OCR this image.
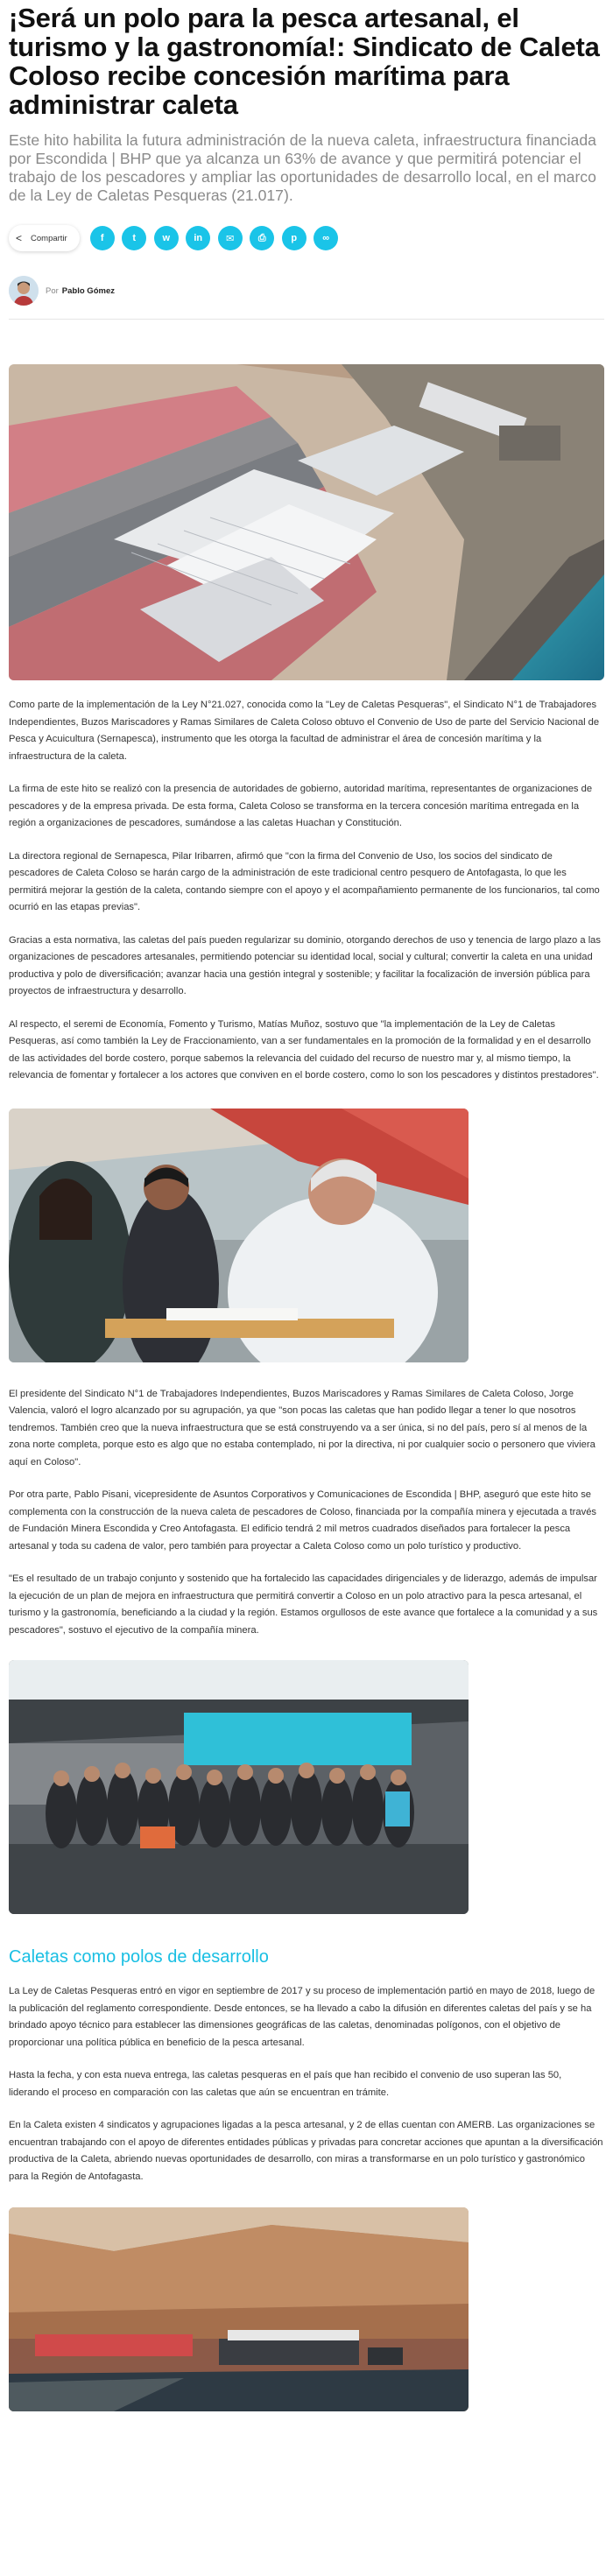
¡Será un polo para la pesca artesanal, el turismo y la gastronomía!: Sindicato de Caleta Coloso recibe concesión marítima para administrar caleta
Este hito habilita la futura administración de la nueva caleta, infraestructura financiada por Escondida | BHP que ya alcanza un 63% de avance y que permitirá potenciar el trabajo de los pescadores y ampliar las oportunidades de desarrollo local, en el marco de la Ley de Caletas Pesqueras (21.017).
< Compartir	f	t	w	in	✉	⎙	p	∞
Por Pablo Gómez

Como parte de la implementación de la Ley N°21.027, conocida como la "Ley de Caletas Pesqueras", el Sindicato N°1 de Trabajadores Independientes, Buzos Mariscadores y Ramas Similares de Caleta Coloso obtuvo el Convenio de Uso de parte del Servicio Nacional de Pesca y Acuicultura (Sernapesca), instrumento que les otorga la facultad de administrar el área de concesión marítima y la infraestructura de la caleta.

La firma de este hito se realizó con la presencia de autoridades de gobierno, autoridad marítima, representantes de organizaciones de pescadores y de la empresa privada. De esta forma, Caleta Coloso se transforma en la tercera concesión marítima entregada en la región a organizaciones de pescadores, sumándose a las caletas Huachan y Constitución.

La directora regional de Sernapesca, Pilar Iribarren, afirmó que "con la firma del Convenio de Uso, los socios del sindicato de pescadores de Caleta Coloso se harán cargo de la administración de este tradicional centro pesquero de Antofagasta, lo que les permitirá mejorar la gestión de la caleta, contando siempre con el apoyo y el acompañamiento permanente de los funcionarios, tal como ocurrió en las etapas previas".

Gracias a esta normativa, las caletas del país pueden regularizar su dominio, otorgando derechos de uso y tenencia de largo plazo a las organizaciones de pescadores artesanales, permitiendo potenciar su identidad local, social y cultural; convertir la caleta en una unidad productiva y polo de diversificación; avanzar hacia una gestión integral y sostenible; y facilitar la focalización de inversión pública para proyectos de infraestructura y desarrollo.

Al respecto, el seremi de Economía, Fomento y Turismo, Matías Muñoz, sostuvo que "la implementación de la Ley de Caletas Pesqueras, así como también la Ley de Fraccionamiento, van a ser fundamentales en la promoción de la formalidad y en el desarrollo de las actividades del borde costero, porque sabemos la relevancia del cuidado del recurso de nuestro mar y, al mismo tiempo, la relevancia de fomentar y fortalecer a los actores que conviven en el borde costero, como lo son los pescadores y distintos prestadores".

El presidente del Sindicato N°1 de Trabajadores Independientes, Buzos Mariscadores y Ramas Similares de Caleta Coloso, Jorge Valencia, valoró el logro alcanzado por su agrupación, ya que "son pocas las caletas que han podido llegar a tener lo que nosotros tendremos. También creo que la nueva infraestructura que se está construyendo va a ser única, si no del país, pero sí al menos de la zona norte completa, porque esto es algo que no estaba contemplado, ni por la directiva, ni por cualquier socio o personero que viviera aquí en Coloso".

Por otra parte, Pablo Pisani, vicepresidente de Asuntos Corporativos y Comunicaciones de Escondida | BHP, aseguró que este hito se complementa con la construcción de la nueva caleta de pescadores de Coloso, financiada por la compañía minera y ejecutada a través de Fundación Minera Escondida y Creo Antofagasta. El edificio tendrá 2 mil metros cuadrados diseñados para fortalecer la pesca artesanal y toda su cadena de valor, pero también para proyectar a Caleta Coloso como un polo turístico y productivo.

"Es el resultado de un trabajo conjunto y sostenido que ha fortalecido las capacidades dirigenciales y de liderazgo, además de impulsar la ejecución de un plan de mejora en infraestructura que permitirá convertir a Coloso en un polo atractivo para la pesca artesanal, el turismo y la gastronomía, beneficiando a la ciudad y la región. Estamos orgullosos de este avance que fortalece a la comunidad y a sus pescadores", sostuvo el ejecutivo de la compañía minera.

Caletas como polos de desarrollo

La Ley de Caletas Pesqueras entró en vigor en septiembre de 2017 y su proceso de implementación partió en mayo de 2018, luego de la publicación del reglamento correspondiente. Desde entonces, se ha llevado a cabo la difusión en diferentes caletas del país y se ha brindado apoyo técnico para establecer las dimensiones geográficas de las caletas, denominadas polígonos, con el objetivo de proporcionar una política pública en beneficio de la pesca artesanal.

Hasta la fecha, y con esta nueva entrega, las caletas pesqueras en el país que han recibido el convenio de uso superan las 50, liderando el proceso en comparación con las caletas que aún se encuentran en trámite.

En la Caleta existen 4 sindicatos y agrupaciones ligadas a la pesca artesanal, y 2 de ellas cuentan con AMERB. Las organizaciones se encuentran trabajando con el apoyo de diferentes entidades públicas y privadas para concretar acciones que apuntan a la diversificación productiva de la Caleta, abriendo nuevas oportunidades de desarrollo, con miras a transformarse en un polo turístico y gastronómico para la Región de Antofagasta.
